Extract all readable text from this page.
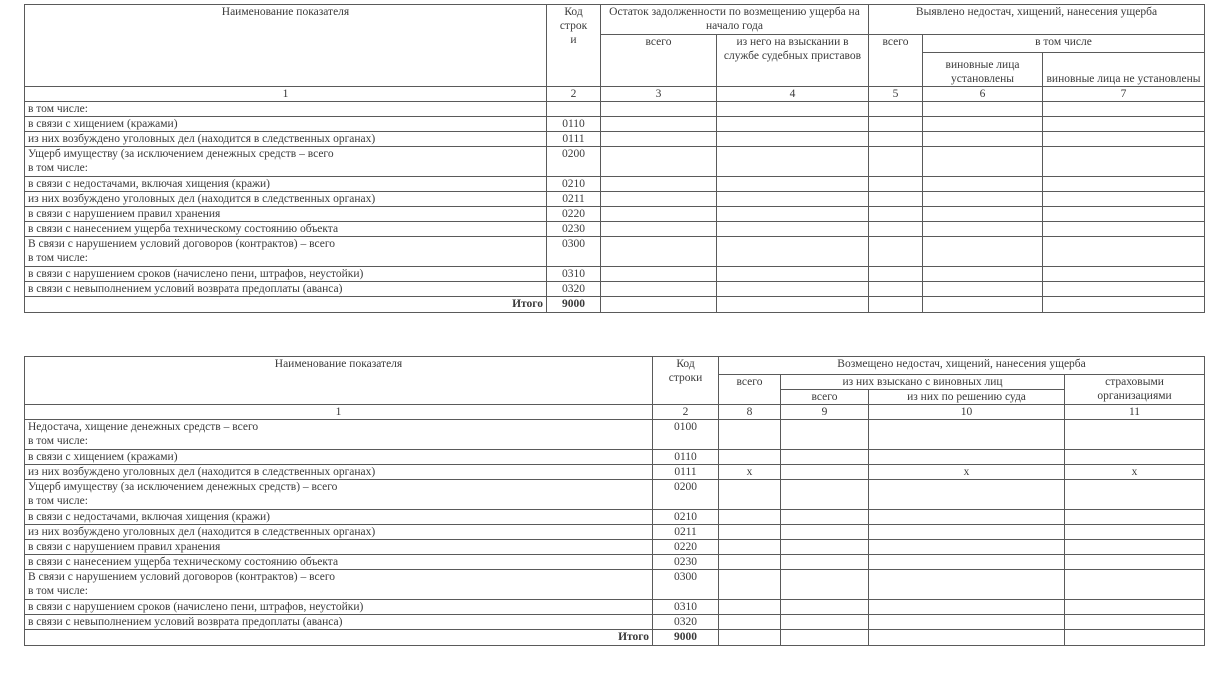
Наименование показателя	Код
строк
и	Остаток задолженности по возмещению ущерба на начало года		Выявлено недостач, хищений, нанесения ущерба		
		всего	из него на взыскании в службе судебных приставов	всего	в том числе	
					виновные лица установлены	виновные лица не установлены
1	2	3	4	5	6	7
в том числе:						
в связи с хищением (кражами)	0110					
из них возбуждено уголовных дел (находится в следственных органах)	0111					
Ущерб имуществу (за исключением денежных средств – всего
в том числе:	0200					
в связи с недостачами, включая хищения (кражи)	0210					
из них возбуждено уголовных дел (находится в следственных органах)	0211					
в связи с нарушением правил хранения	0220					
в связи с нанесением ущерба техническому состоянию объекта	0230					
В связи с нарушением условий договоров (контрактов) – всего
в том числе:	0300					
в связи с нарушением сроков (начислено пени, штрафов, неустойки)	0310					
в связи с невыполнением условий возврата предоплаты (аванса)	0320					
Итого	9000					
Наименование показателя	Код
строки	Возмещено недостач, хищений, нанесения ущерба			
		всего	из них взыскано с виновных лиц		страховыми организациями
			всего	из них по решению суда	
1	2	8	9	10	11
Недостача, хищение денежных средств – всего
в том числе:	0100				
в связи с хищением (кражами)	0110				
из них возбуждено уголовных дел (находится в следственных органах)	0111	х		х	х
Ущерб имуществу (за исключением денежных средств) – всего
в том числе:	0200				
в связи с недостачами, включая хищения (кражи)	0210				
из них возбуждено уголовных дел (находится в следственных органах)	0211				
в связи с нарушением правил хранения	0220				
в связи с нанесением ущерба техническому состоянию объекта	0230				
В связи с нарушением условий договоров (контрактов) – всего
в том числе:	0300				
в связи с нарушением сроков (начислено пени, штрафов, неустойки)	0310				
в связи с невыполнением условий возврата предоплаты (аванса)	0320				
Итого	9000				
